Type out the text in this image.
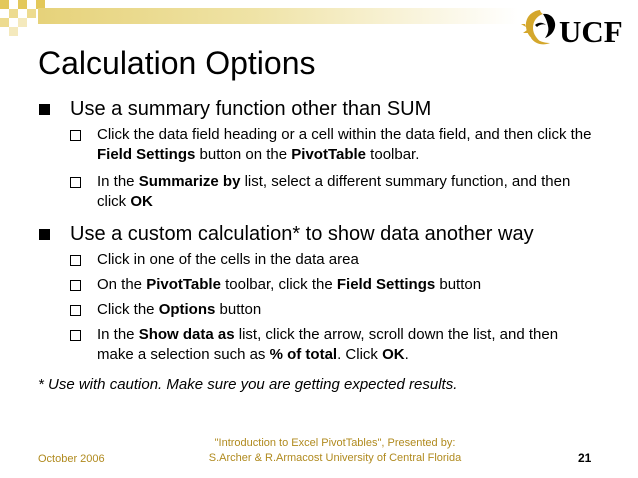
UCF
Calculation Options
Use a summary function other than SUM
Click the data field heading or a cell within the data field, and then click the Field Settings button on the PivotTable toolbar.
In the Summarize by list, select a different summary function, and then click OK
Use a custom calculation* to show data another way
Click in one of the cells in the data area
On the PivotTable toolbar, click the Field Settings button
Click the Options button
In the Show data as list, click the arrow, scroll down the list, and then make a selection such as % of total. Click OK.
* Use with caution. Make sure you are getting expected results.
October 2006
"Introduction to Excel PivotTables", Presented by:
S.Archer & R.Armacost University of Central Florida	21
